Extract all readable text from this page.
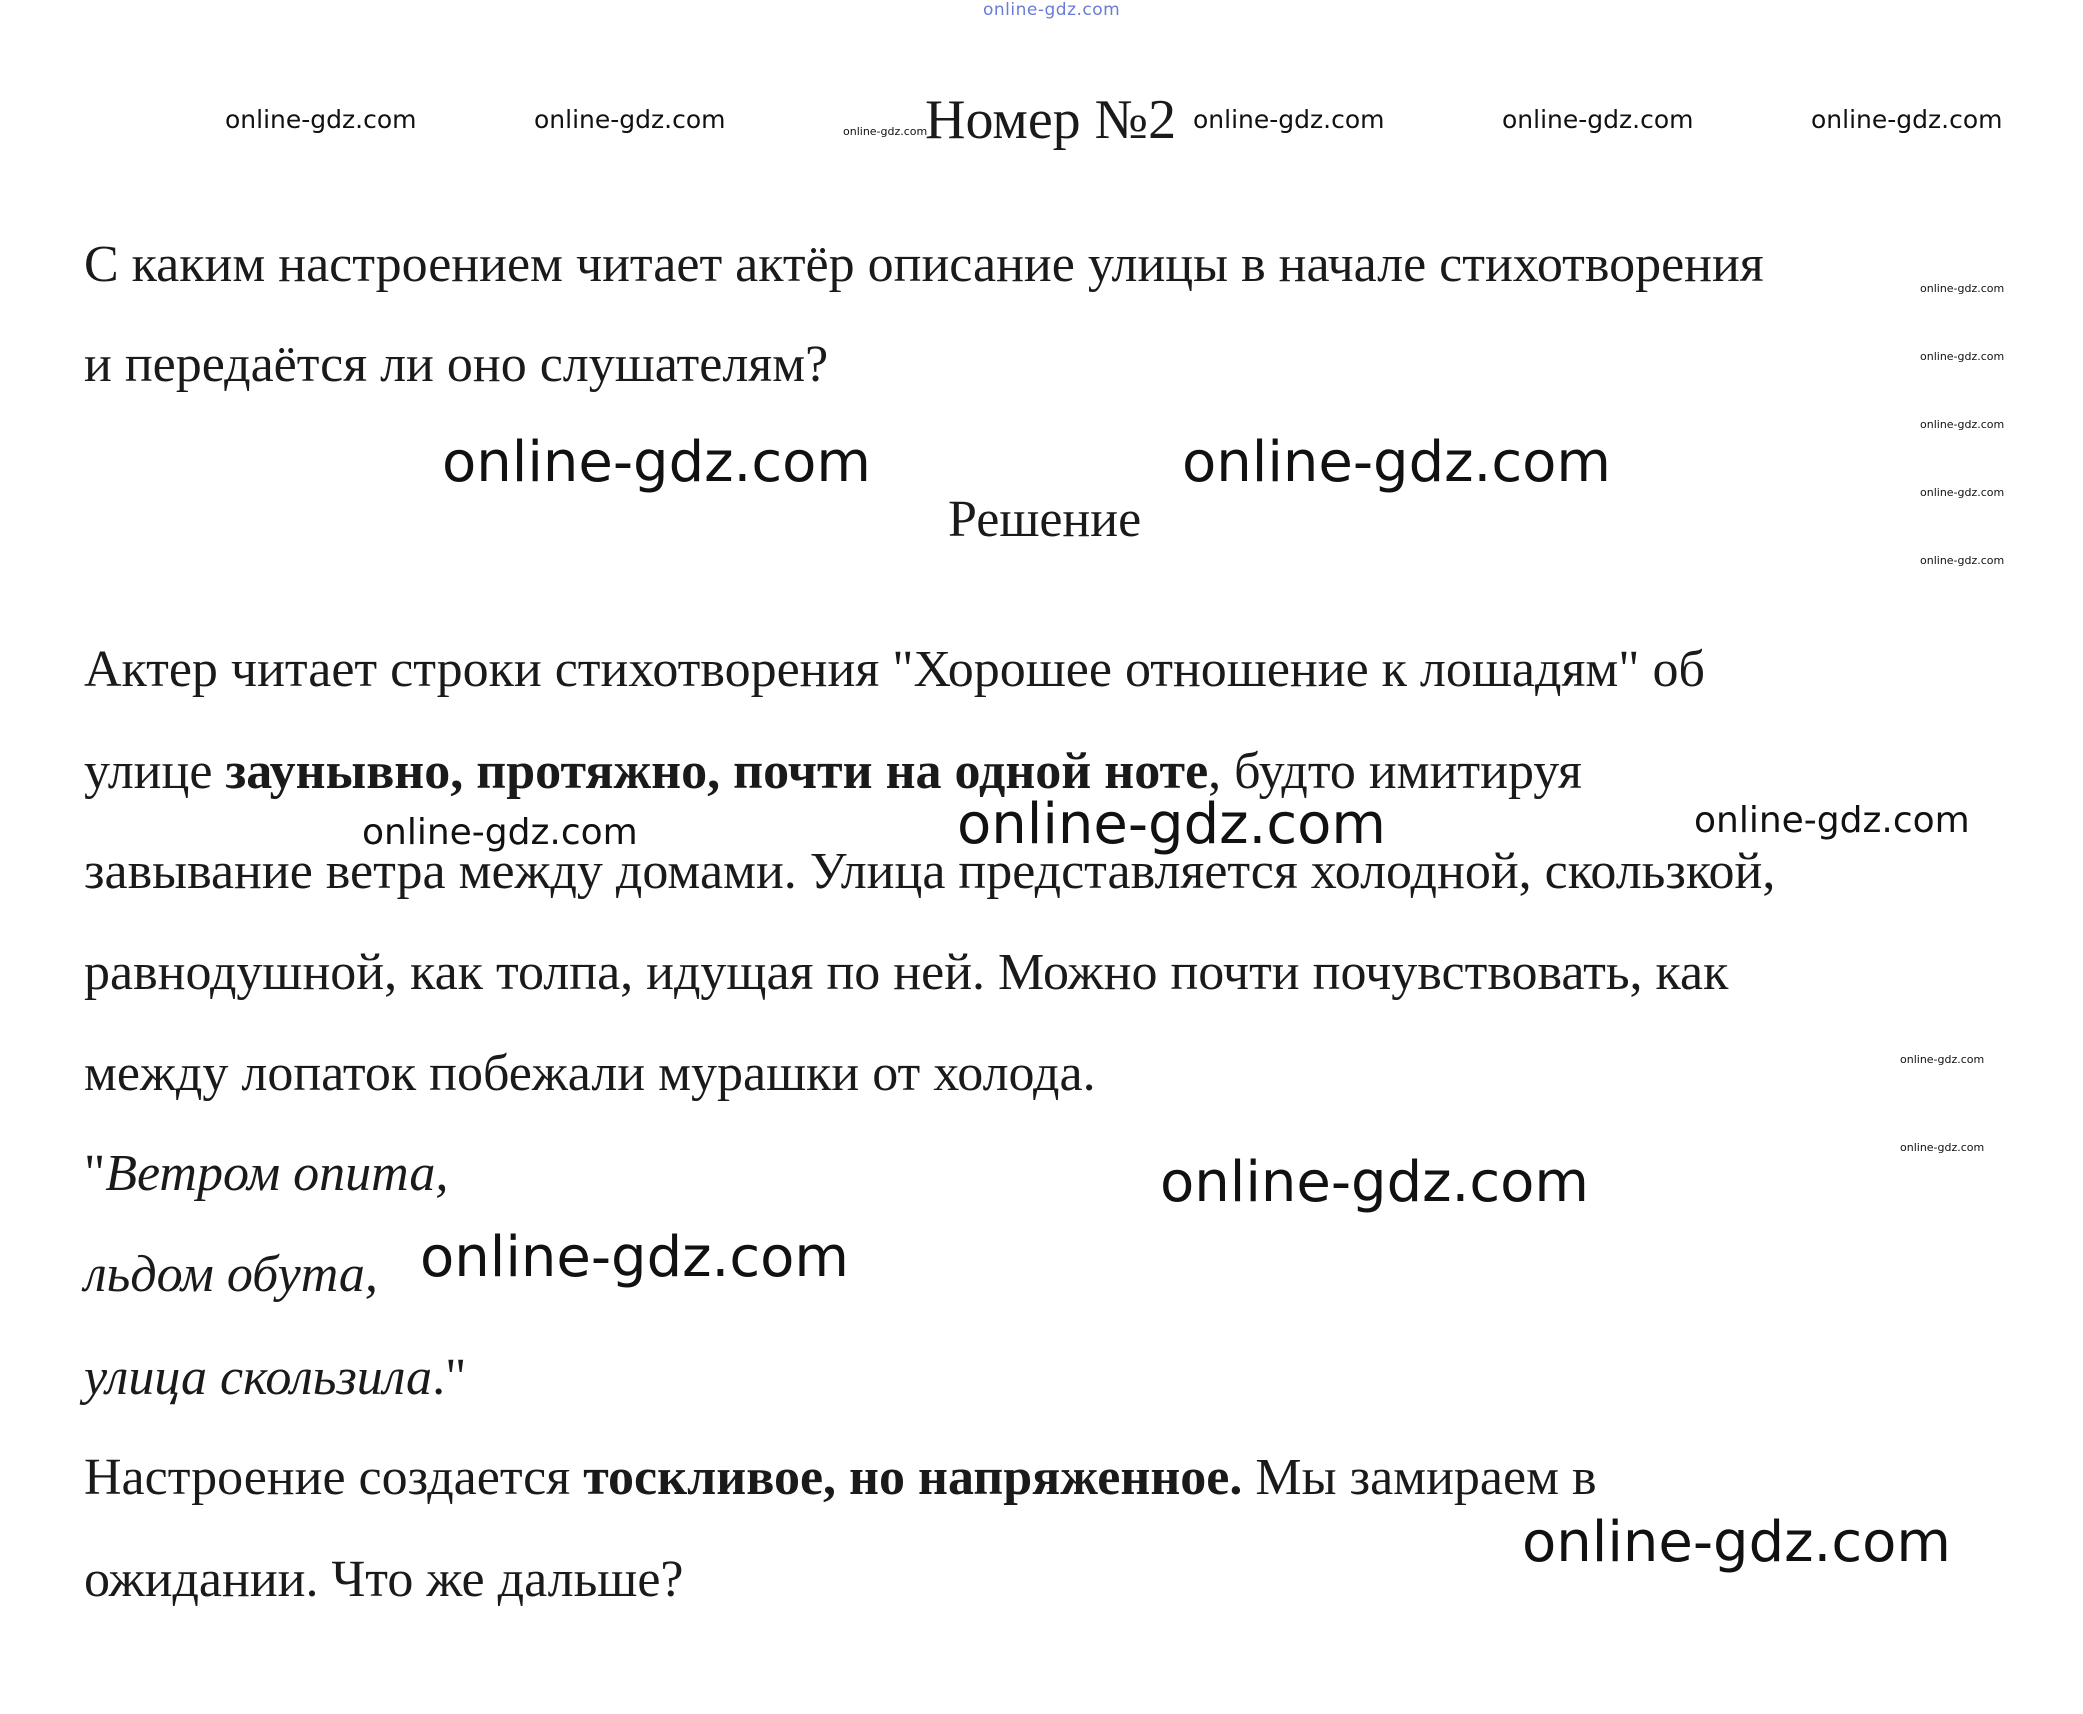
online-gdz.com
online-gdz.com	online-gdz.com	online-gdz.com	online-gdz.com	online-gdz.com	online-gdz.com
Номер №2
С каким настроением читает актёр описание улицы в начале стихотворения
и передаётся ли оно слушателям?
online-gdz.com
online-gdz.com
online-gdz.com
online-gdz.com
online-gdz.com
online-gdz.com	online-gdz.com
Решение
Актер читает строки стихотворения "Хорошее отношение к лошадям" об
улице заунывно, протяжно, почти на одной ноте, будто имитируя
online-gdz.com	online-gdz.com	online-gdz.com
завывание ветра между домами. Улица представляется холодной, скользкой,
равнодушной, как толпа, идущая по ней. Можно почти почувствовать, как
между лопаток побежали мурашки от холода.	online-gdz.com
online-gdz.com
"Ветром опита,	online-gdz.com
льдом обута, online-gdz.com
улица скользила."
Настроение создается тоскливое, но напряженное. Мы замираем в
ожидании. Что же дальше?
online-gdz.com
